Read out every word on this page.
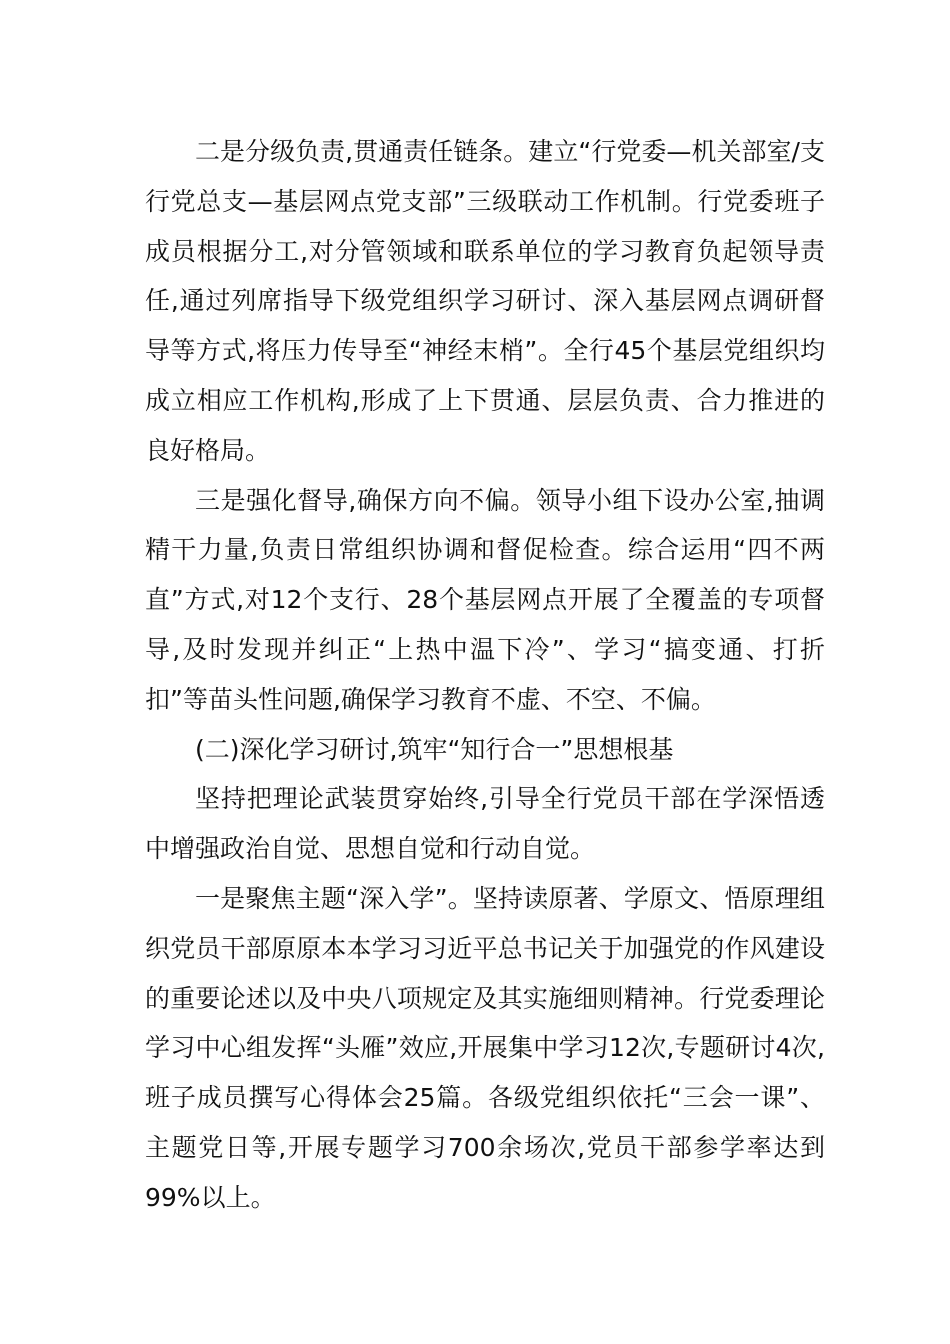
二是分级负责,贯通责任链条。建立“行党委—机关部室/支行党总支—基层网点党支部”三级联动工作机制。行党委班子成员根据分工,对分管领域和联系单位的学习教育负起领导责任,通过列席指导下级党组织学习研讨、深入基层网点调研督导等方式,将压力传导至“神经末梢”。全行45个基层党组织均成立相应工作机构,形成了上下贯通、层层负责、合力推进的良好格局。

三是强化督导,确保方向不偏。领导小组下设办公室,抽调精干力量,负责日常组织协调和督促检查。综合运用“四不两直”方式,对12个支行、28个基层网点开展了全覆盖的专项督导,及时发现并纠正“上热中温下冷”、学习“搞变通、打折扣”等苗头性问题,确保学习教育不虚、不空、不偏。

(二)深化学习研讨,筑牢“知行合一”思想根基

坚持把理论武装贯穿始终,引导全行党员干部在学深悟透中增强政治自觉、思想自觉和行动自觉。

一是聚焦主题“深入学”。坚持读原著、学原文、悟原理组织党员干部原原本本学习习近平总书记关于加强党的作风建设的重要论述以及中央八项规定及其实施细则精神。行党委理论学习中心组发挥“头雁”效应,开展集中学习12次,专题研讨4次,班子成员撰写心得体会25篇。各级党组织依托“三会一课”、主题党日等,开展专题学习700余场次,党员干部参学率达到99%以上。
